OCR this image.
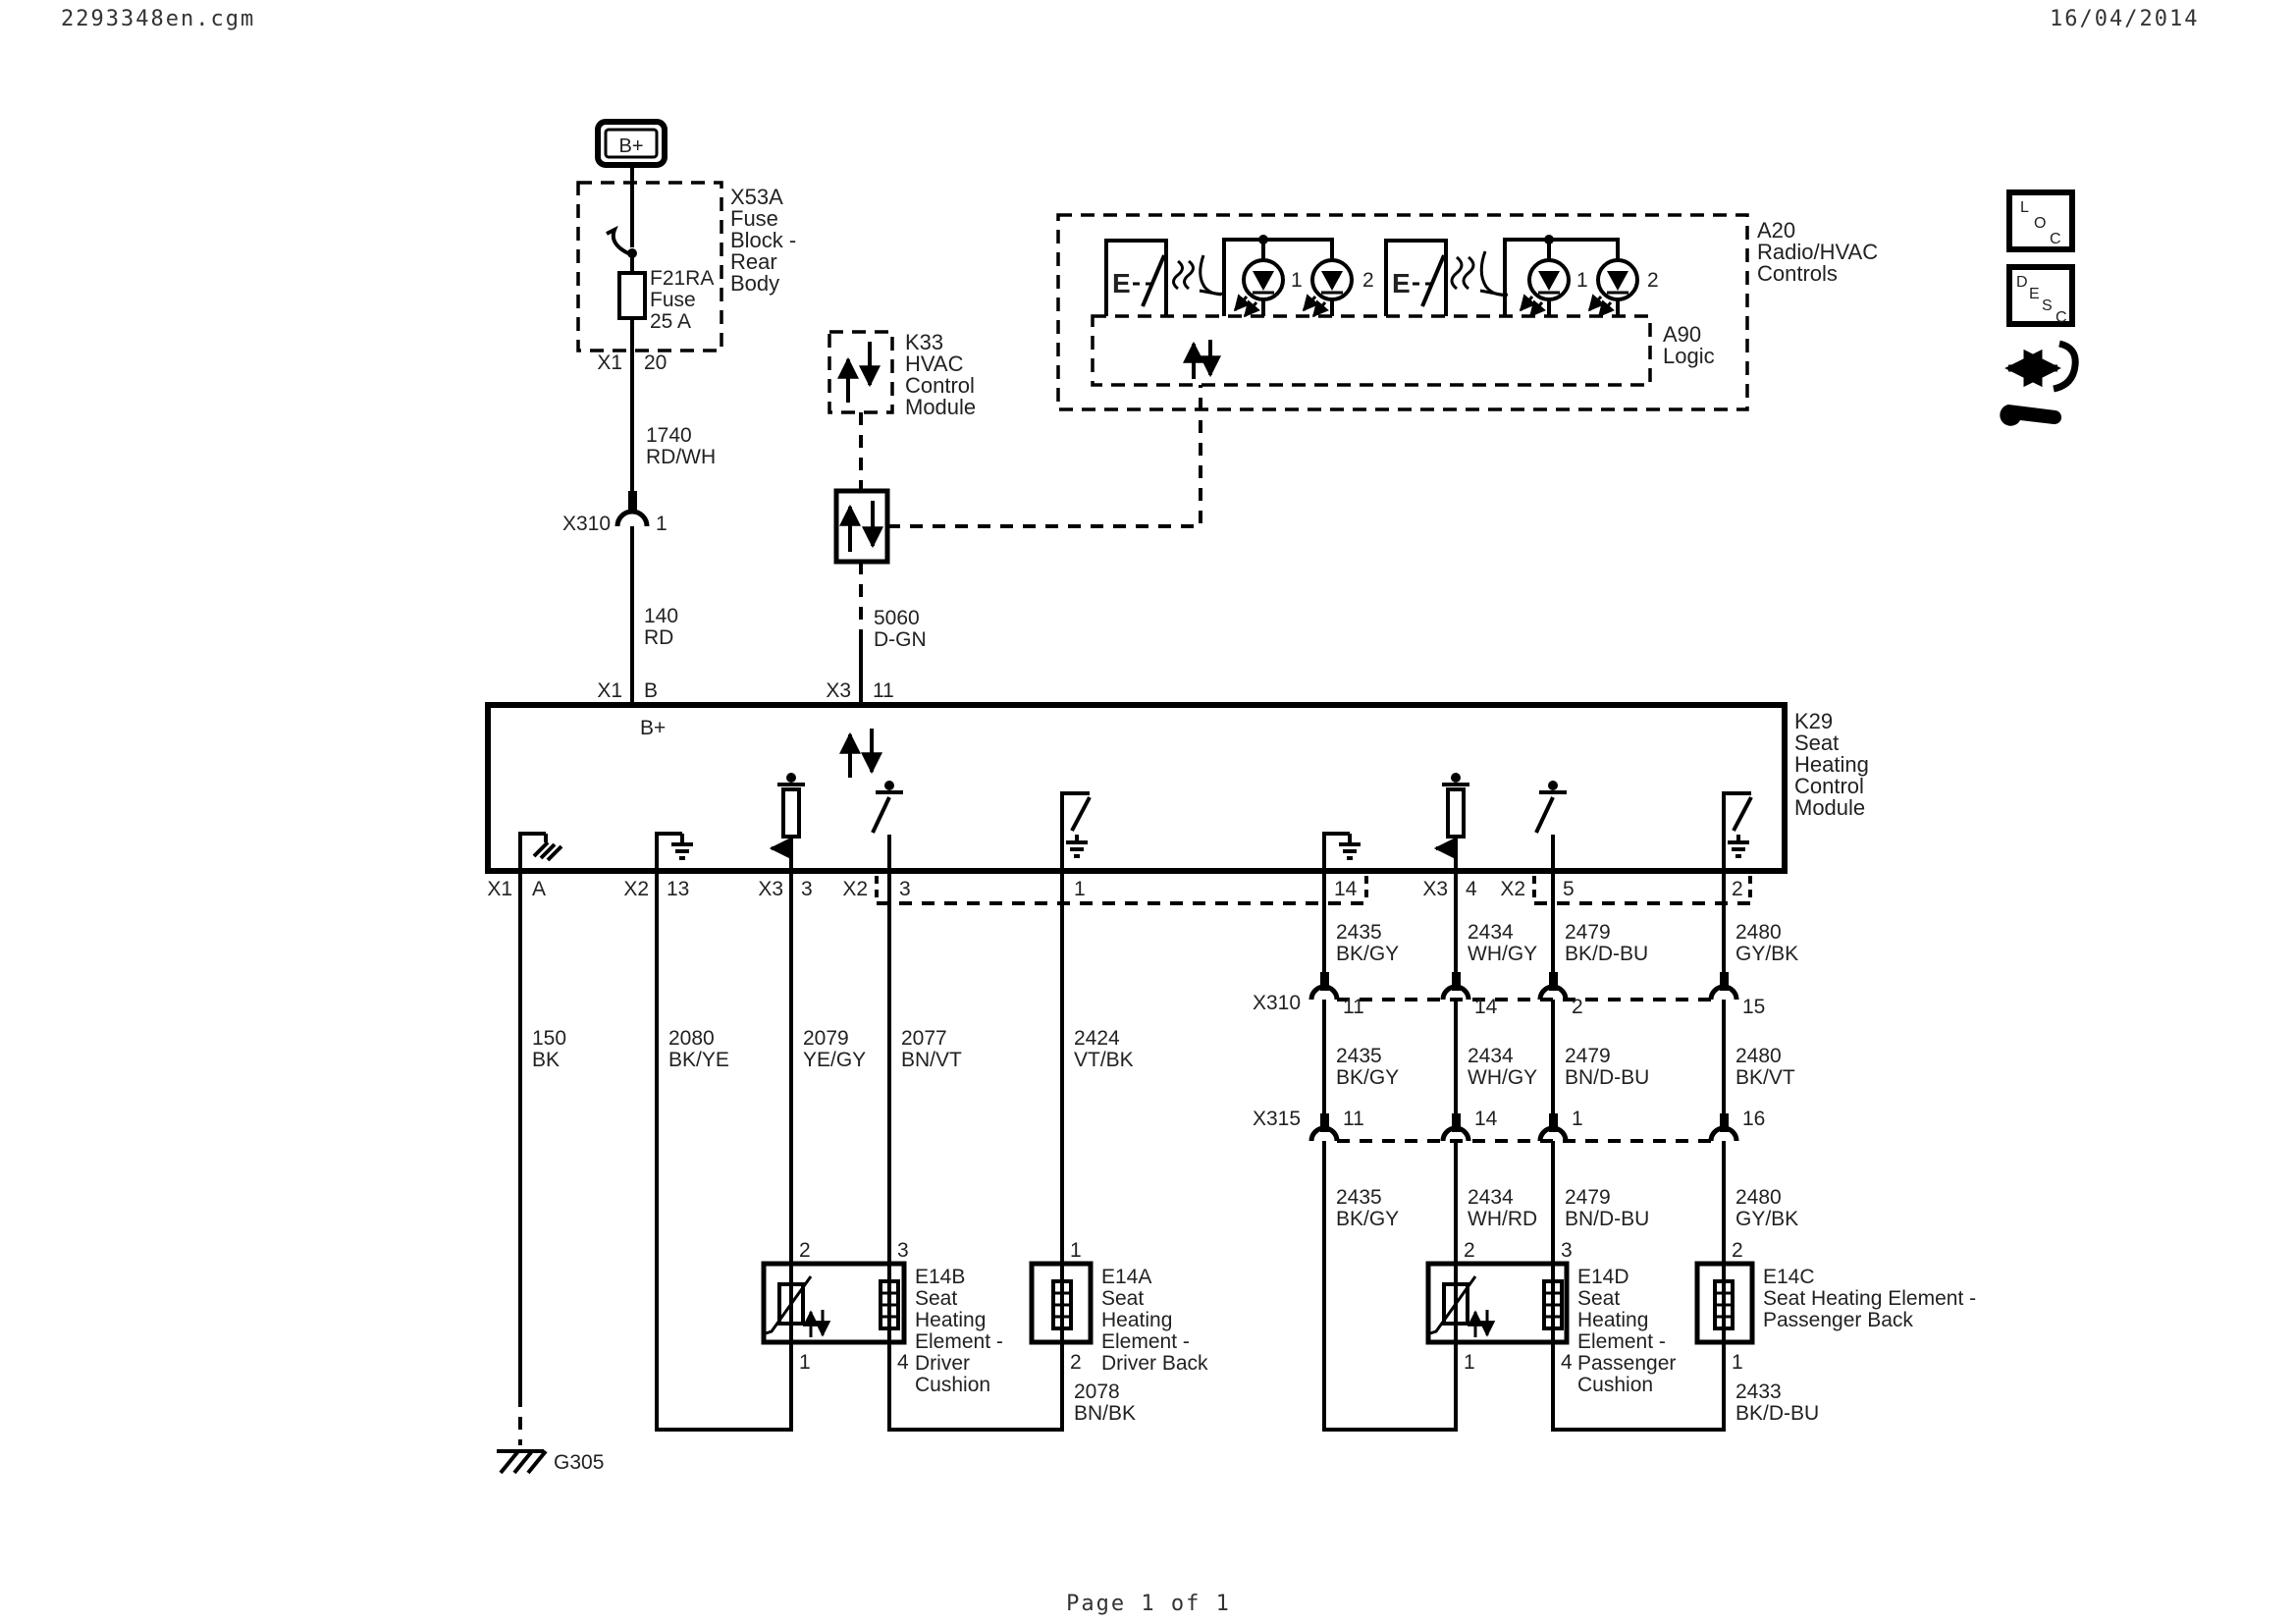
2293348en.cgm	16/04/2014
Page 1 of 1
L
O
C
D
E
S
C
B+
F21RA
Fuse
25 A
X53A
Fuse
Block -
Rear
Body
X1 20
1740
RD/WH
X310 1
140
RD
X1 B
K33
HVAC
Control
Module
5060
D-GN
X3 11
A20
Radio/HVAC
Controls
E	1	2 E	1	2
A90
Logic
K29
Seat
Heating
Control
Module
B+
X1 A	X2 13	X3 3 X2 3	1	14	X3 4 X2 5	2
G305
150
BK
2080
BK/YE
2079
YE/GY
2077
BN/VT
2424
VT/BK
2	3
1	4
E14B
Seat
Heating
Element -
Driver
Cushion
1
2
E14A
Seat
Heating
Element -
Driver Back
2078
BN/BK
X310 11	14	2	15
X315 11	14	1	16
2435
BK/GY
2434
WH/GY
2479
BK/D-BU
2480
GY/BK
2435
BK/GY
2434
WH/GY
2479
BN/D-BU
2480
BK/VT
2435
BK/GY
2434
WH/RD
2479
BN/D-BU
2480
GY/BK
2	3
1	4
E14D
Seat
Heating
Element -
Passenger
Cushion
2
1
E14C
Seat Heating Element -
Passenger Back
2433
BK/D-BU
